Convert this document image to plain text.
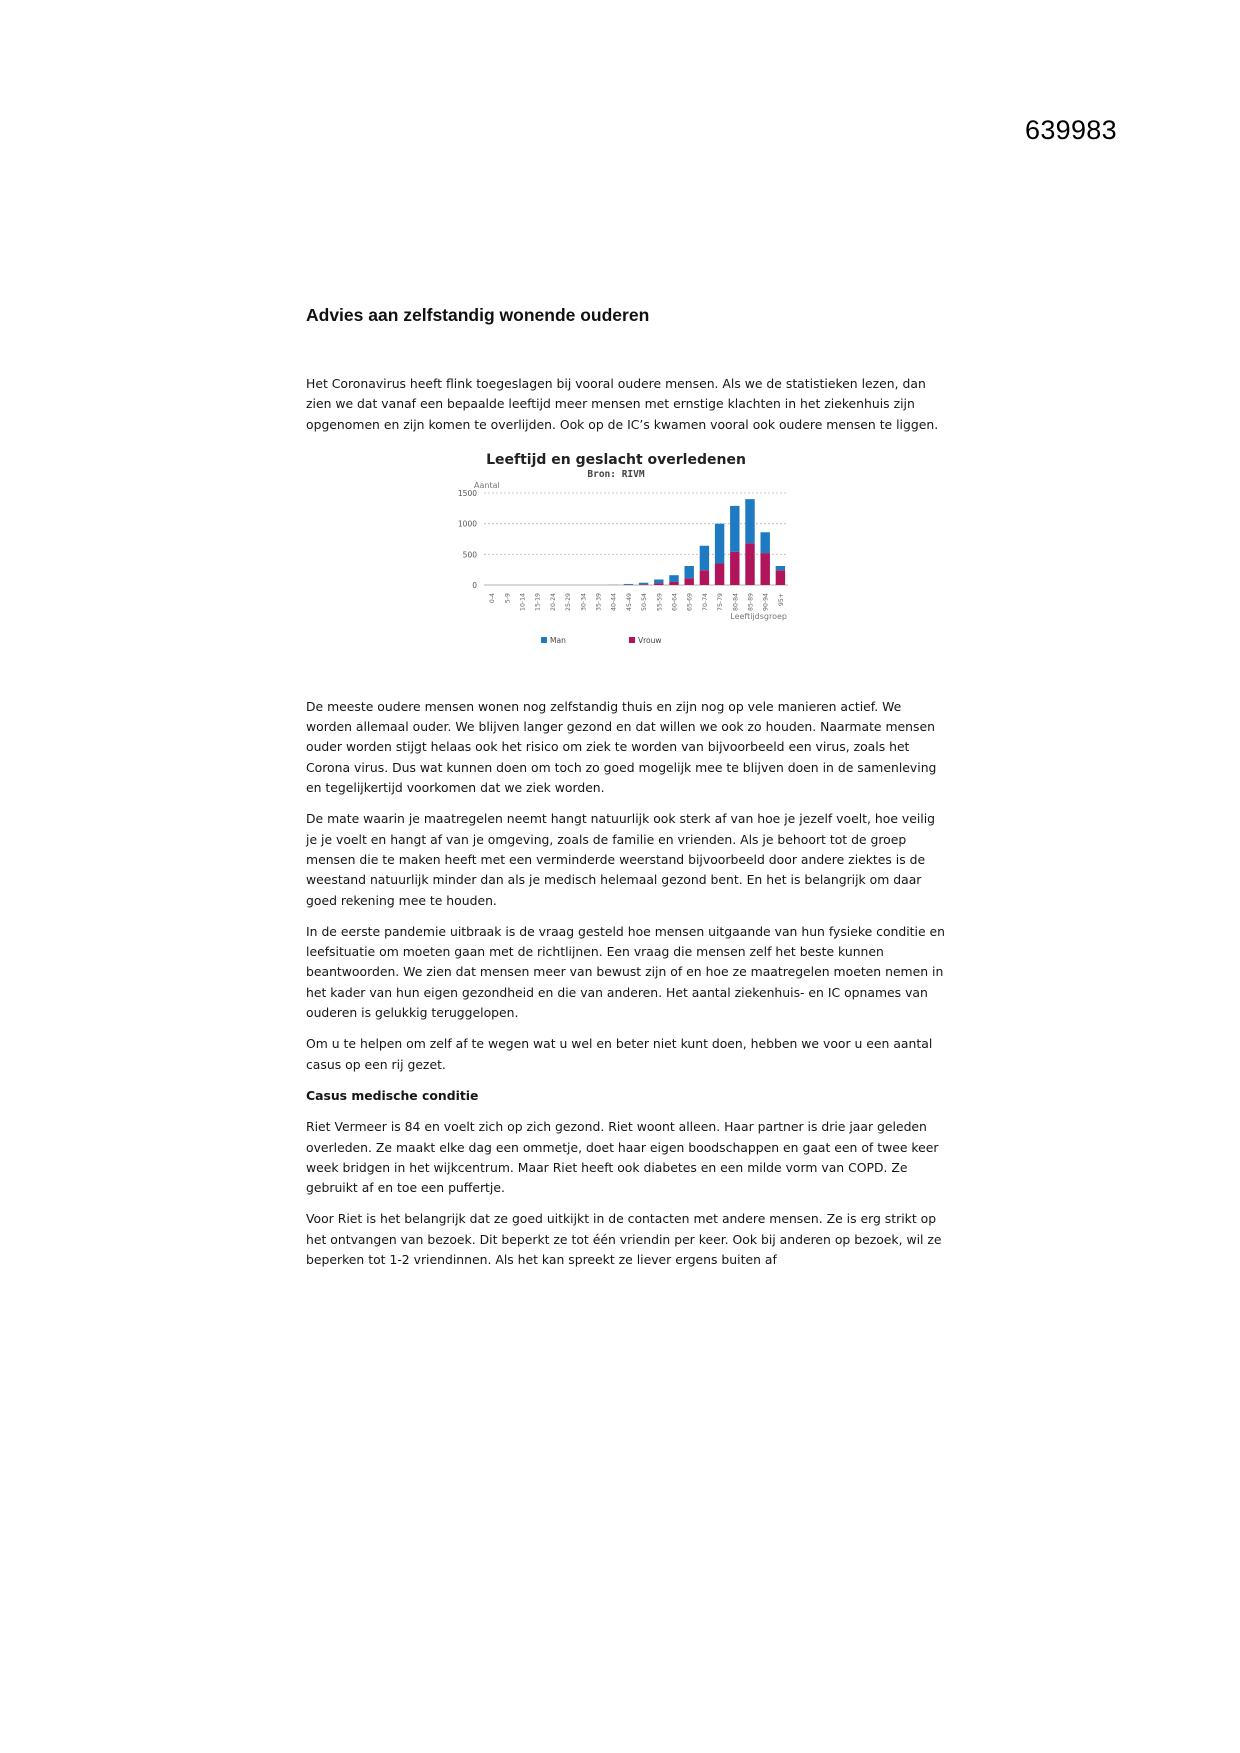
639983
Advies aan zelfstandig wonende ouderen

Het Coronavirus heeft flink toegeslagen bij vooral oudere mensen. Als we de statistieken lezen, dan zien we dat vanaf een bepaalde leeftijd meer mensen met ernstige klachten in het ziekenhuis zijn opgenomen en zijn komen te overlijden. Ook op de IC’s kwamen vooral ook oudere mensen te liggen.

Leeftijd en geslacht overledenen
Bron: RIVM
Aantal
0
500
1000
1500
0-4 5-9 10-14 15-19 20-24 25-29 30-34 35-39 40-44 45-49 50-54 55-59 60-64 65-69 70-74 75-79 80-84 85-89 90-94 95+
Leeftijdsgroep
Man	Vrouw

De meeste oudere mensen wonen nog zelfstandig thuis en zijn nog op vele manieren actief. We worden allemaal ouder. We blijven langer gezond en dat willen we ook zo houden. Naarmate mensen ouder worden stijgt helaas ook het risico om ziek te worden van bijvoorbeeld een virus, zoals het Corona virus. Dus wat kunnen doen om toch zo goed mogelijk mee te blijven doen in de samenleving en tegelijkertijd voorkomen dat we ziek worden.

De mate waarin je maatregelen neemt hangt natuurlijk ook sterk af van hoe je jezelf voelt, hoe veilig je je voelt en hangt af van je omgeving, zoals de familie en vrienden. Als je behoort tot de groep mensen die te maken heeft met een verminderde weerstand bijvoorbeeld door andere ziektes is de weestand natuurlijk minder dan als je medisch helemaal gezond bent. En het is belangrijk om daar goed rekening mee te houden.

In de eerste pandemie uitbraak is de vraag gesteld hoe mensen uitgaande van hun fysieke conditie en leefsituatie om moeten gaan met de richtlijnen. Een vraag die mensen zelf het beste kunnen beantwoorden. We zien dat mensen meer van bewust zijn of en hoe ze maatregelen moeten nemen in het kader van hun eigen gezondheid en die van anderen. Het aantal ziekenhuis- en IC opnames van ouderen is gelukkig teruggelopen.

Om u te helpen om zelf af te wegen wat u wel en beter niet kunt doen, hebben we voor u een aantal casus op een rij gezet.

Casus medische conditie

Riet Vermeer is 84 en voelt zich op zich gezond. Riet woont alleen. Haar partner is drie jaar geleden overleden. Ze maakt elke dag een ommetje, doet haar eigen boodschappen en gaat een of twee keer week bridgen in het wijkcentrum. Maar Riet heeft ook diabetes en een milde vorm van COPD. Ze gebruikt af en toe een puffertje.

Voor Riet is het belangrijk dat ze goed uitkijkt in de contacten met andere mensen. Ze is erg strikt op het ontvangen van bezoek. Dit beperkt ze tot één vriendin per keer. Ook bij anderen op bezoek, wil ze beperken tot 1-2 vriendinnen. Als het kan spreekt ze liever ergens buiten af
